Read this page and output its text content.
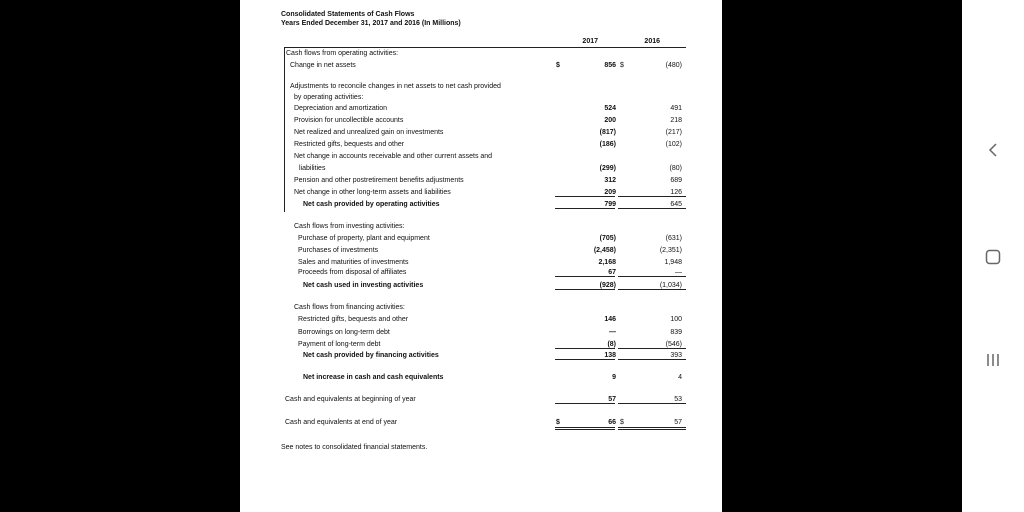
Consolidated Statements of Cash Flows
Years Ended December 31, 2017 and 2016 (In Millions)
2017	2016
Cash flows from operating activities:
Change in net assets	856	(480)
$	$
Adjustments to reconcile changes in net assets to net cash provided
by operating activities:
Depreciation and amortization	524	491
Provision for uncollectible accounts	200	218
Net realized and unrealized gain on investments	(817)	(217)
Restricted gifts, bequests and other	(186)	(102)
Net change in accounts receivable and other current assets and
liabilities	(299)	(80)
Pension and other postretirement benefits adjustments	312	689
Net change in other long-term assets and liabilities	209	126
Net cash provided by operating activities	799	645
Cash flows from investing activities:
Purchase of property, plant and equipment	(705)	(631)
Purchases of investments	(2,458)	(2,351)
Sales and maturities of investments	2,168	1,948
Proceeds from disposal of affiliates	67	—
Net cash used in investing activities	(928)	(1,034)
Cash flows from financing activities:
Restricted gifts, bequests and other	146	100
Borrowings on long-term debt	—	839
Payment of long-term debt	(8)	(546)
Net cash provided by financing activities	138	393
Net increase in cash and cash equivalents	9	4
Cash and equivalents at beginning of year	57	53
Cash and equivalents at end of year	66	57
$	$
See notes to consolidated financial statements.
